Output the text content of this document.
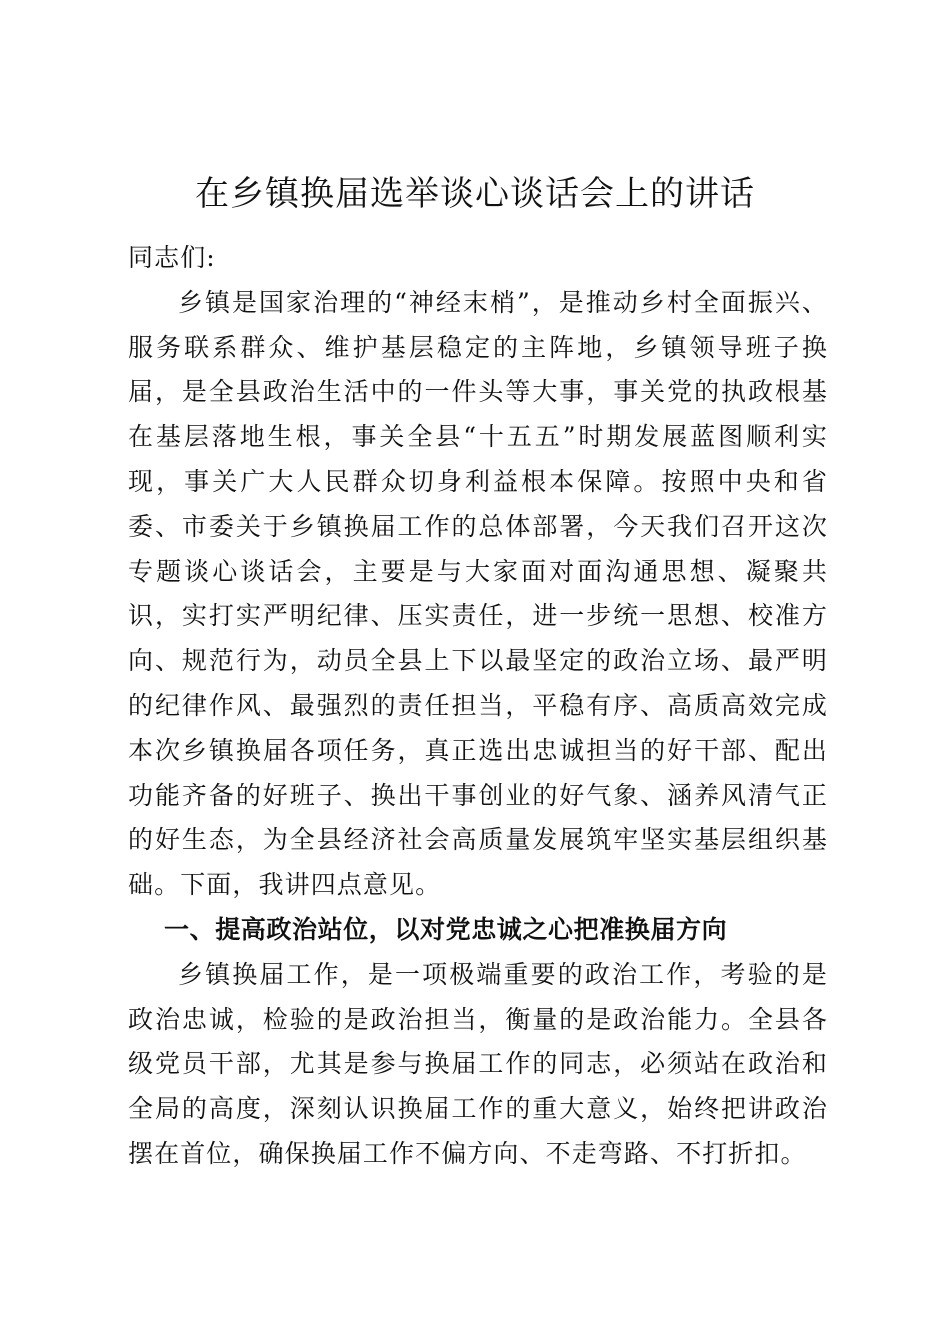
在乡镇换届选举谈心谈话会上的讲话

同志们:

乡镇是国家治理的“神经末梢”，是推动乡村全面振兴、服务联系群众、维护基层稳定的主阵地，乡镇领导班子换届，是全县政治生活中的一件头等大事，事关党的执政根基在基层落地生根，事关全县“十五五”时期发展蓝图顺利实现，事关广大人民群众切身利益根本保障。按照中央和省委、市委关于乡镇换届工作的总体部署，今天我们召开这次专题谈心谈话会，主要是与大家面对面沟通思想、凝聚共识，实打实严明纪律、压实责任，进一步统一思想、校准方向、规范行为，动员全县上下以最坚定的政治立场、最严明的纪律作风、最强烈的责任担当，平稳有序、高质高效完成本次乡镇换届各项任务，真正选出忠诚担当的好干部、配出功能齐备的好班子、换出干事创业的好气象、涵养风清气正的好生态，为全县经济社会高质量发展筑牢坚实基层组织基础。下面，我讲四点意见。

一、提高政治站位，以对党忠诚之心把准换届方向

乡镇换届工作，是一项极端重要的政治工作，考验的是政治忠诚，检验的是政治担当，衡量的是政治能力。全县各级党员干部，尤其是参与换届工作的同志，必须站在政治和全局的高度，深刻认识换届工作的重大意义，始终把讲政治摆在首位，确保换届工作不偏方向、不走弯路、不打折扣。
